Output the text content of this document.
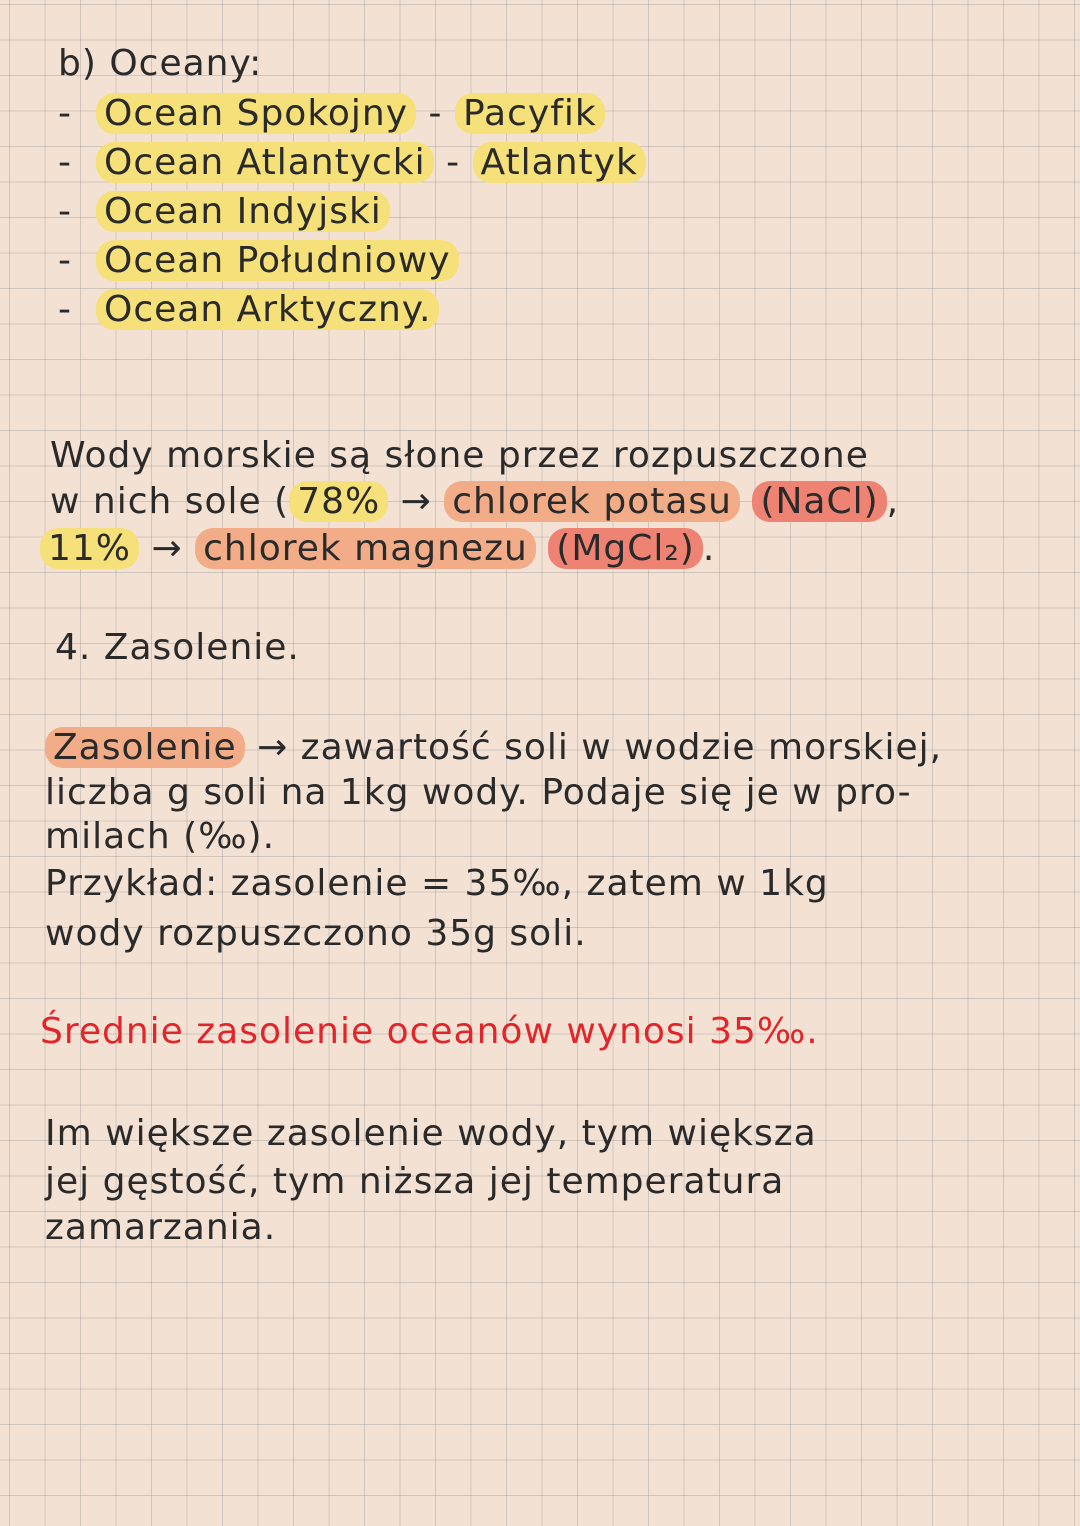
b) Oceany:
- Ocean Spokojny - Pacyfik
- Ocean Atlantycki - Atlantyk
- Ocean Indyjski
- Ocean Południowy
- Ocean Arktyczny.
Wody morskie są słone przez rozpuszczone
w nich sole ( 78% → chlorek potasu (NaCl) ,
11% → chlorek magnezu (MgCl₂) .
4. Zasolenie.
Zasolenie → zawartość soli w wodzie morskiej,
liczba g soli na 1kg wody. Podaje się je w pro-
milach (‰).
Przykład: zasolenie = 35‰, zatem w 1kg
wody rozpuszczono 35g soli.
Średnie zasolenie oceanów wynosi 35‰.
Im większe zasolenie wody, tym większa
jej gęstość, tym niższa jej temperatura
zamarzania.
